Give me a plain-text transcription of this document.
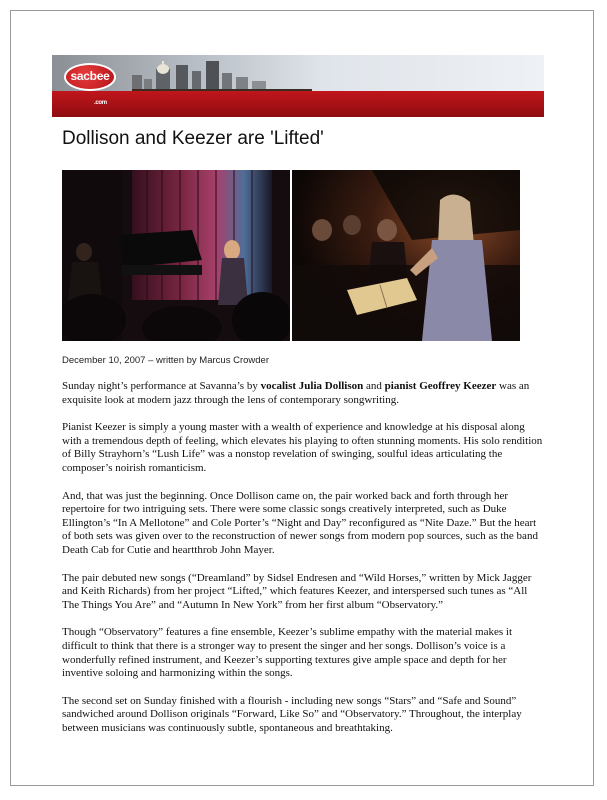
sacbee
.com
Dollison and Keezer are 'Lifted'

December 10, 2007 – written by Marcus Crowder

Sunday night’s performance at Savanna’s by vocalist Julia Dollison and pianist Geoffrey Keezer was an exquisite look at modern jazz through the lens of contemporary songwriting.

Pianist Keezer is simply a young master with a wealth of experience and knowledge at his disposal along with a tremendous depth of feeling, which elevates his playing to often stunning moments. His solo rendition of Billy Strayhorn’s “Lush Life” was a nonstop revelation of swinging, soulful ideas articulating the composer’s noirish romanticism.

And, that was just the beginning. Once Dollison came on, the pair worked back and forth through her repertoire for two intriguing sets. There were some classic songs creatively interpreted, such as Duke Ellington’s “In A Mellotone” and Cole Porter’s “Night and Day” reconfigured as “Nite Daze.” But the heart of both sets was given over to the reconstruction of newer songs from modern pop sources, such as the band Death Cab for Cutie and heartthrob John Mayer.

The pair debuted new songs (“Dreamland” by Sidsel Endresen and “Wild Horses,” written by Mick Jagger and Keith Richards) from her project “Lifted,” which features Keezer, and interspersed such tunes as “All The Things You Are” and “Autumn In New York” from her first album “Observatory.”

Though “Observatory” features a fine ensemble, Keezer’s sublime empathy with the material makes it difficult to think that there is a stronger way to present the singer and her songs. Dollison’s voice is a wonderfully refined instrument, and Keezer’s supporting textures give ample space and depth for her inventive soloing and harmonizing within the songs.

The second set on Sunday finished with a flourish - including new songs “Stars” and “Safe and Sound” sandwiched around Dollison originals “Forward, Like So” and “Observatory.” Throughout, the interplay between musicians was continuously subtle, spontaneous and breathtaking.
